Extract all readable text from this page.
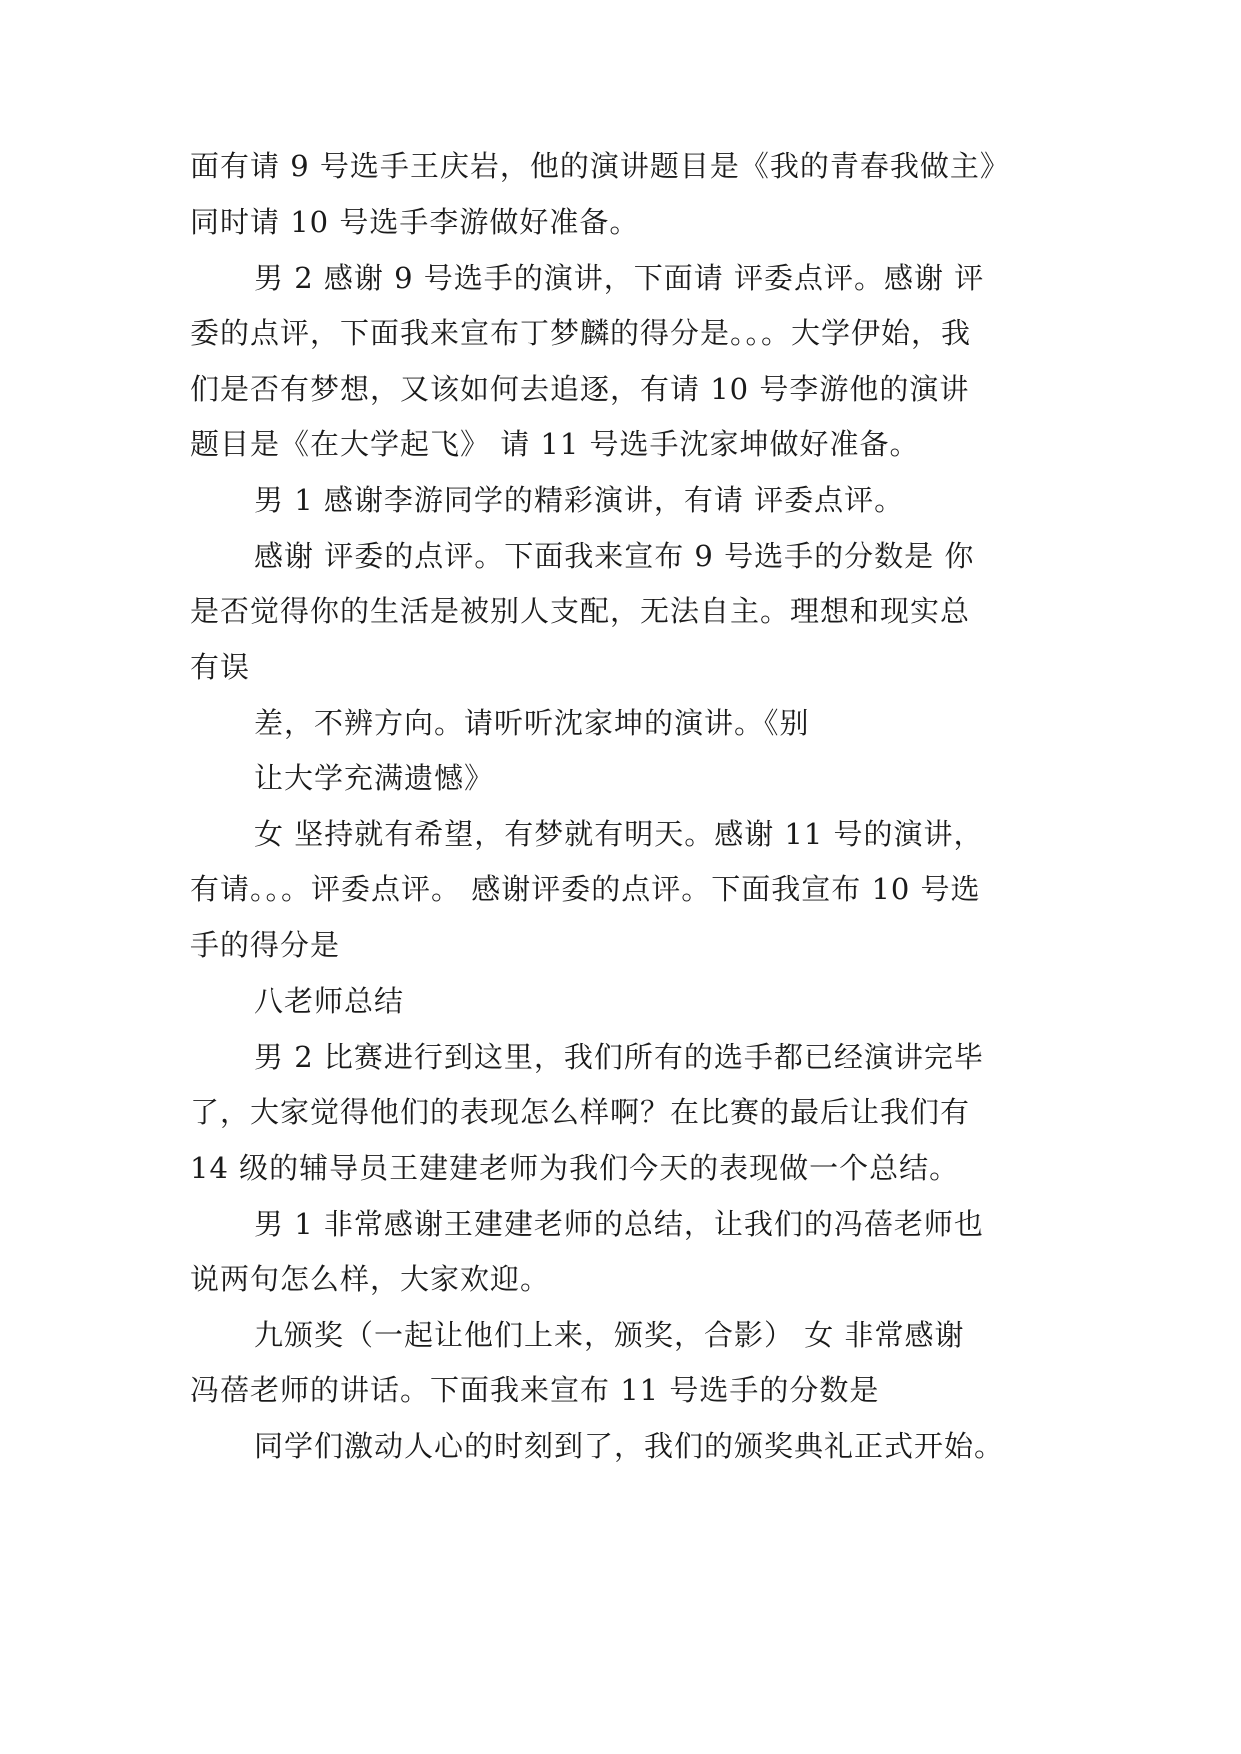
面有请 9 号选手王庆岩，他的演讲题目是《我的青春我做主》
同时请 10 号选手李游做好准备。
男 2 感谢 9 号选手的演讲，下面请 评委点评。感谢 评
委的点评，下面我来宣布丁梦麟的得分是。。。大学伊始，我
们是否有梦想，又该如何去追逐，有请 10 号李游他的演讲
题目是《在大学起飞》 请 11 号选手沈家坤做好准备。
男 1 感谢李游同学的精彩演讲，有请 评委点评。
感谢 评委的点评。下面我来宣布 9 号选手的分数是 你
是否觉得你的生活是被别人支配，无法自主。理想和现实总
有误
差，不辨方向。请听听沈家坤的演讲。《别
让大学充满遗憾》
女 坚持就有希望，有梦就有明天。感谢 11 号的演讲，
有请。。。评委点评。 感谢评委的点评。下面我宣布 10 号选
手的得分是
八老师总结
男 2 比赛进行到这里，我们所有的选手都已经演讲完毕
了，大家觉得他们的表现怎么样啊？在比赛的最后让我们有
14 级的辅导员王建建老师为我们今天的表现做一个总结。
男 1 非常感谢王建建老师的总结，让我们的冯蓓老师也
说两句怎么样，大家欢迎。
九颁奖（一起让他们上来，颁奖，合影） 女 非常感谢
冯蓓老师的讲话。下面我来宣布 11 号选手的分数是
同学们激动人心的时刻到了，我们的颁奖典礼正式开始。
